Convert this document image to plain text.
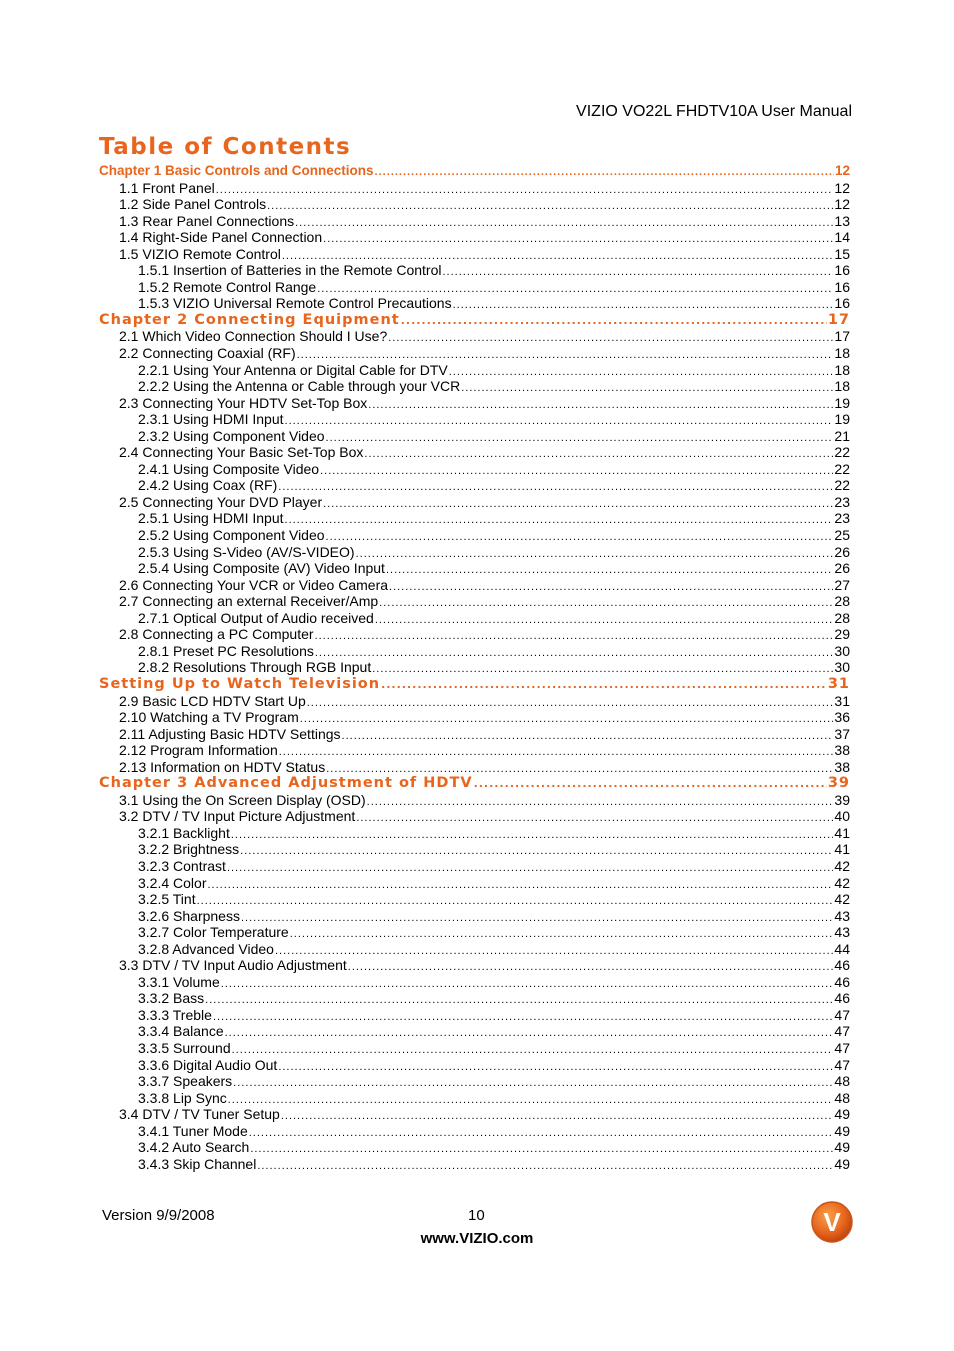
VIZIO VO22L FHDTV10A User Manual
Table of Contents
Chapter 1 Basic Controls and Connections .....	12
1.1 Front Panel .....	12
1.2 Side Panel Controls .....	12
1.3 Rear Panel Connections .....	13
1.4 Right-Side Panel Connection .....	14
1.5 VIZIO Remote Control .....	15
1.5.1 Insertion of Batteries in the Remote Control .....	16
1.5.2 Remote Control Range .....	16
1.5.3 VIZIO Universal Remote Control Precautions .....	16
Chapter 2 Connecting Equipment .....	17
2.1 Which Video Connection Should I Use? .....	17
2.2 Connecting Coaxial (RF) .....	18
2.2.1 Using Your Antenna or Digital Cable for DTV .....	18
2.2.2 Using the Antenna or Cable through your VCR .....	18
2.3 Connecting Your HDTV Set-Top Box .....	19
2.3.1 Using HDMI Input .....	19
2.3.2 Using Component Video .....	21
2.4 Connecting Your Basic Set-Top Box .....	22
2.4.1 Using Composite Video .....	22
2.4.2 Using Coax (RF) .....	22
2.5 Connecting Your DVD Player .....	23
2.5.1 Using HDMI Input .....	23
2.5.2 Using Component Video .....	25
2.5.3 Using S-Video (AV/S-VIDEO) .....	26
2.5.4 Using Composite (AV) Video Input .....	26
2.6 Connecting Your VCR or Video Camera .....	27
2.7 Connecting an external Receiver/Amp .....	28
2.7.1 Optical Output of Audio received .....	28
2.8 Connecting a PC Computer .....	29
2.8.1 Preset PC Resolutions .....	30
2.8.2 Resolutions Through RGB Input .....	30
Setting Up to Watch Television .....	31
2.9 Basic LCD HDTV Start Up .....	31
2.10 Watching a TV Program .....	36
2.11 Adjusting Basic HDTV Settings .....	37
2.12 Program Information .....	38
2.13 Information on HDTV Status .....	38
Chapter 3 Advanced Adjustment of HDTV .....	39
3.1 Using the On Screen Display (OSD) .....	39
3.2 DTV / TV Input Picture Adjustment .....	40
3.2.1 Backlight .....	41
3.2.2 Brightness .....	41
3.2.3 Contrast .....	42
3.2.4 Color .....	42
3.2.5 Tint .....	42
3.2.6 Sharpness .....	43
3.2.7 Color Temperature .....	43
3.2.8 Advanced Video .....	44
3.3 DTV / TV Input Audio Adjustment .....	46
3.3.1 Volume .....	46
3.3.2 Bass .....	46
3.3.3 Treble .....	47
3.3.4 Balance .....	47
3.3.5 Surround .....	47
3.3.6 Digital Audio Out .....	47
3.3.7 Speakers .....	48
3.3.8 Lip Sync .....	48
3.4 DTV / TV Tuner Setup .....	49
3.4.1 Tuner Mode .....	49
3.4.2 Auto Search .....	49
3.4.3 Skip Channel .....	49
Version 9/9/2008	10
www.VIZIO.com
V
